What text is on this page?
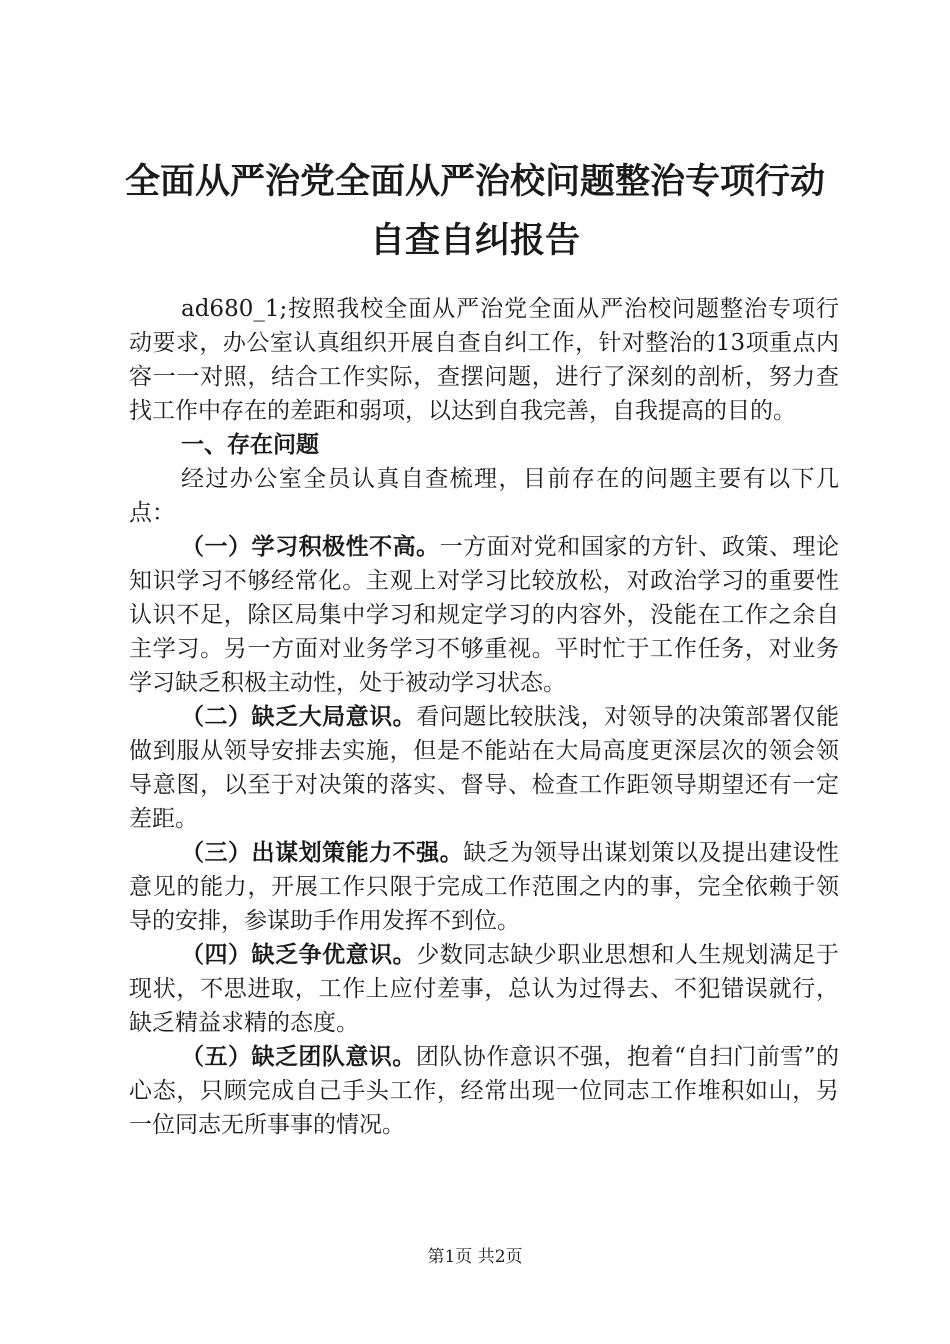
全面从严治党全面从严治校问题整治专项行动
自查自纠报告

ad680_1;按照我校全面从严治党全面从严治校问题整治专项行动要求，办公室认真组织开展自查自纠工作，针对整治的13项重点内容一一对照，结合工作实际，查摆问题，进行了深刻的剖析，努力查找工作中存在的差距和弱项，以达到自我完善，自我提高的目的。

一、存在问题

经过办公室全员认真自查梳理，目前存在的问题主要有以下几点：

（一）学习积极性不高。一方面对党和国家的方针、政策、理论知识学习不够经常化。主观上对学习比较放松，对政治学习的重要性认识不足，除区局集中学习和规定学习的内容外，没能在工作之余自主学习。另一方面对业务学习不够重视。平时忙于工作任务，对业务学习缺乏积极主动性，处于被动学习状态。

（二）缺乏大局意识。看问题比较肤浅，对领导的决策部署仅能做到服从领导安排去实施，但是不能站在大局高度更深层次的领会领导意图，以至于对决策的落实、督导、检查工作距领导期望还有一定差距。

（三）出谋划策能力不强。缺乏为领导出谋划策以及提出建设性意见的能力，开展工作只限于完成工作范围之内的事，完全依赖于领导的安排，参谋助手作用发挥不到位。

（四）缺乏争优意识。少数同志缺少职业思想和人生规划满足于现状，不思进取，工作上应付差事，总认为过得去、不犯错误就行，缺乏精益求精的态度。

（五）缺乏团队意识。团队协作意识不强，抱着“自扫门前雪”的心态，只顾完成自己手头工作，经常出现一位同志工作堆积如山，另一位同志无所事事的情况。

第1页 共2页
